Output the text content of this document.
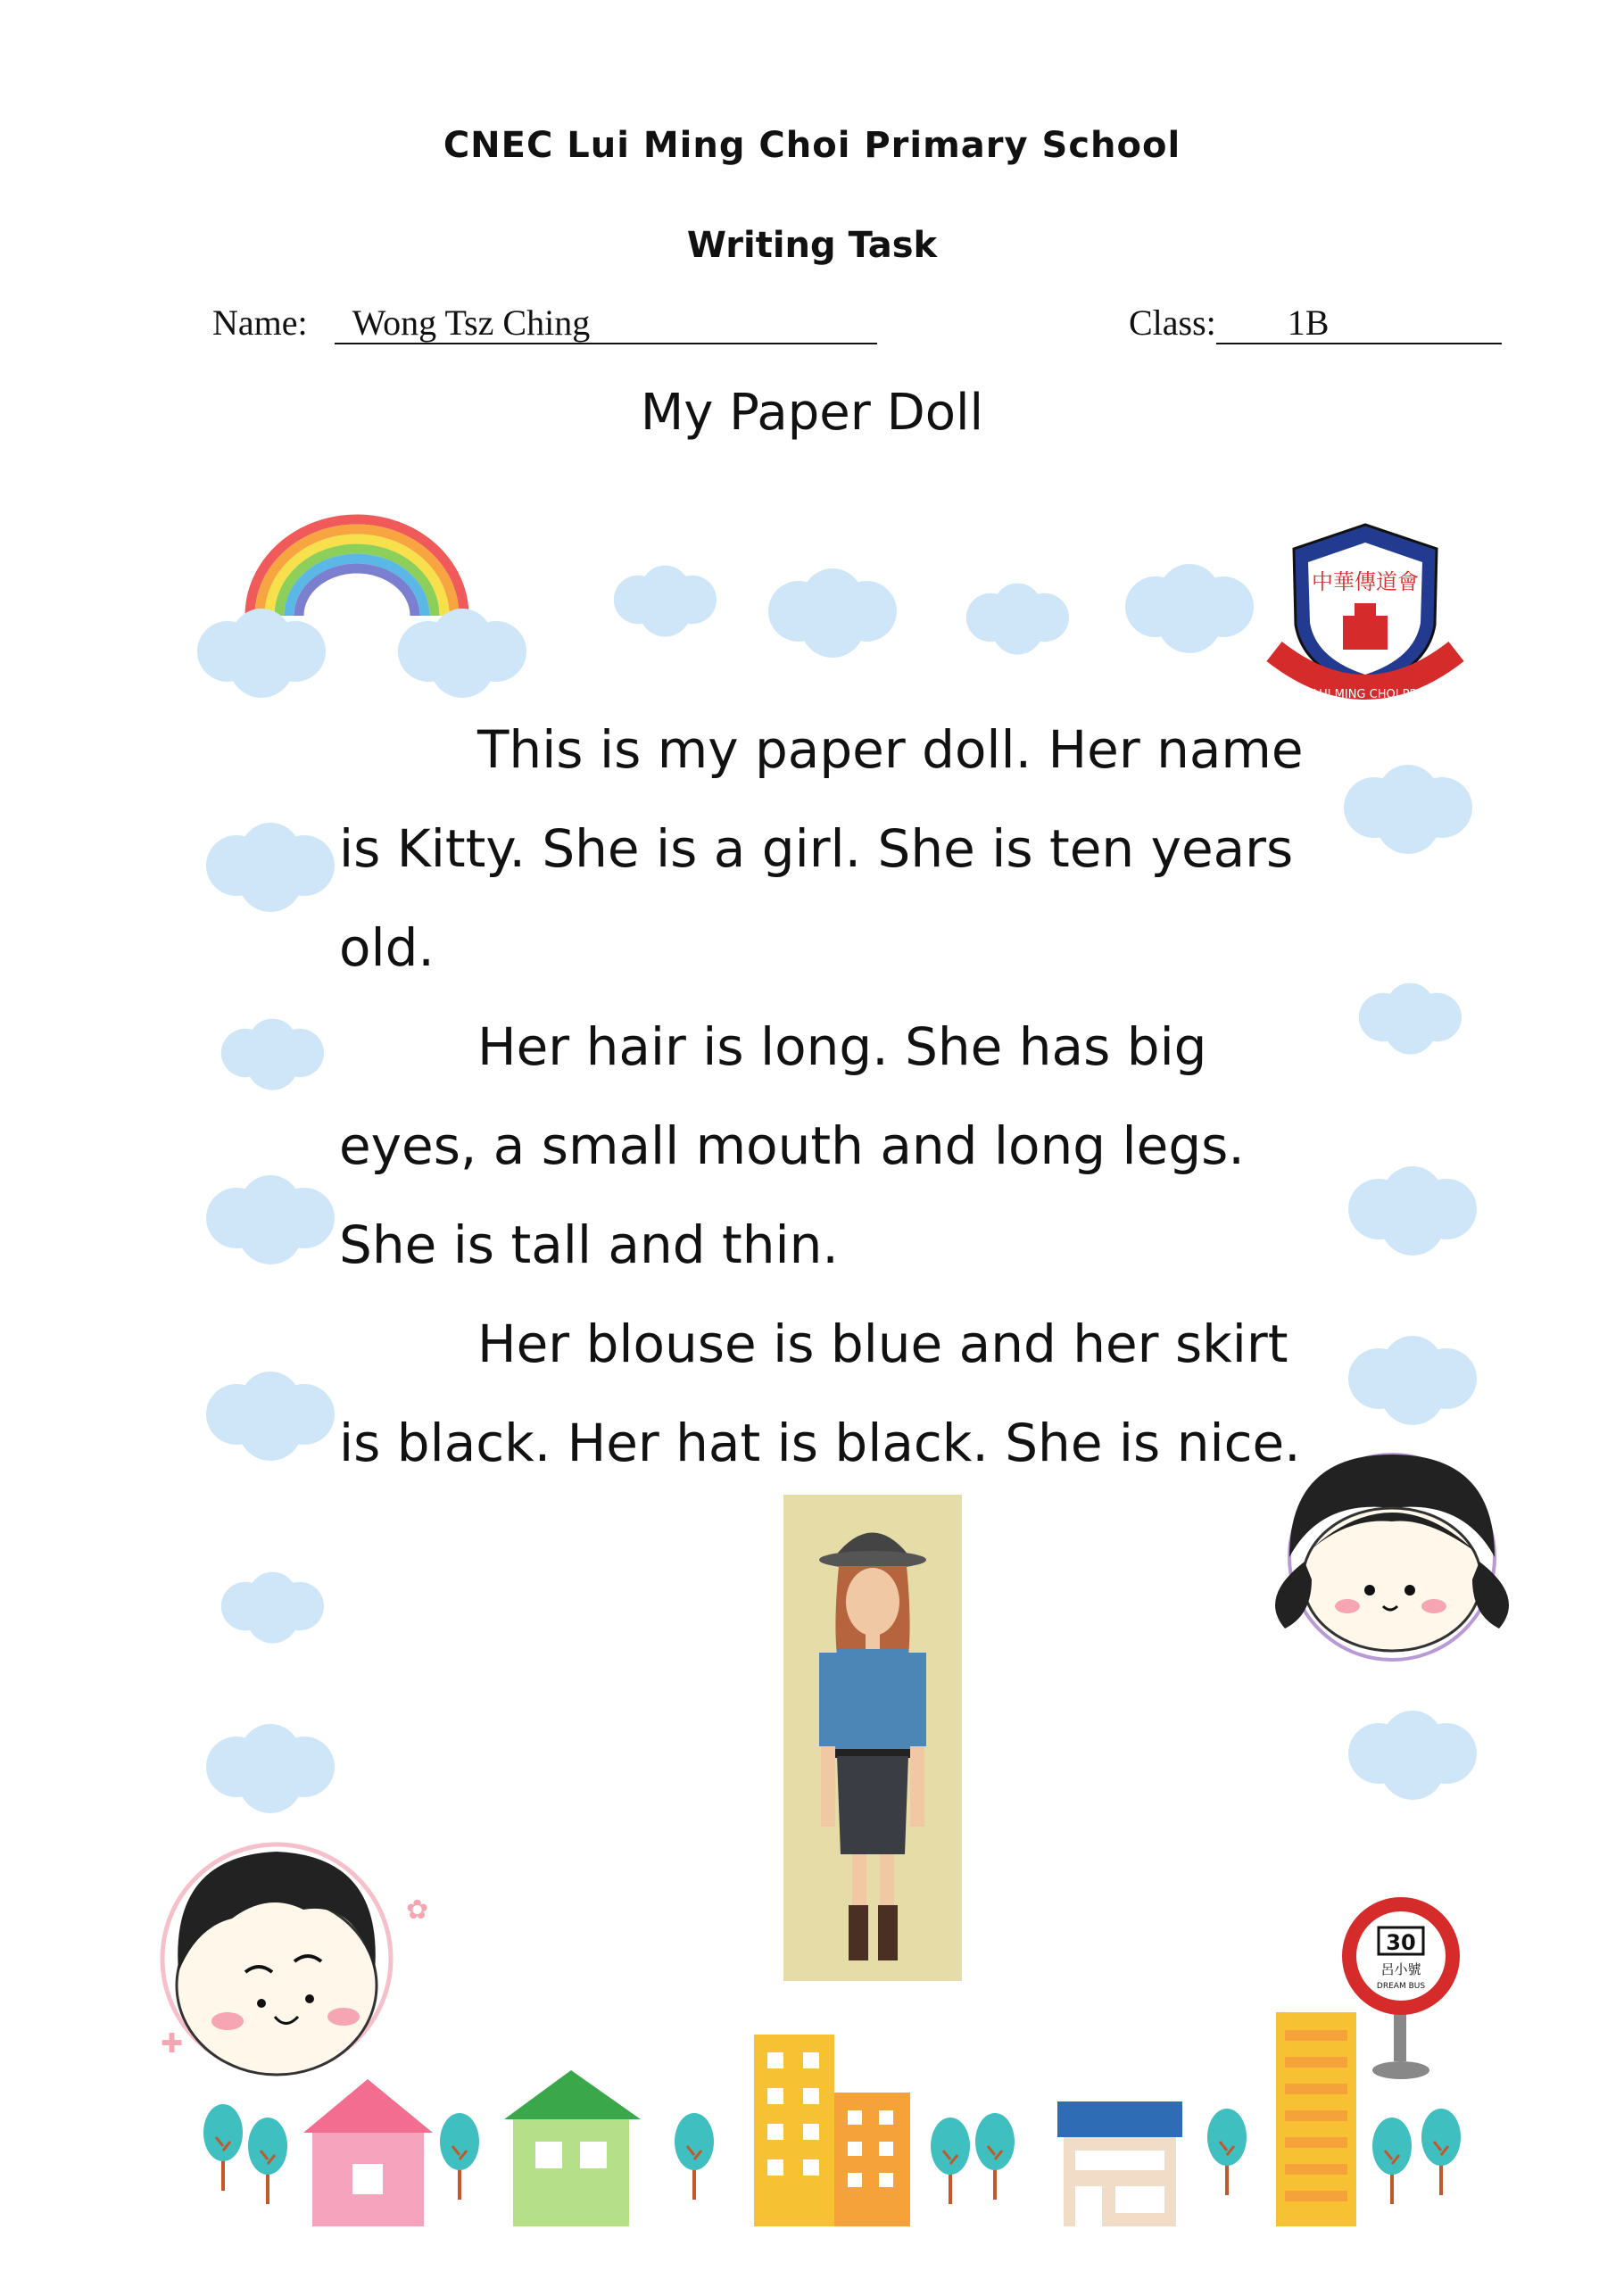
CNEC Lui Ming Choi Primary School
Writing Task
Name: Wong Tsz Ching	Class: 1B
My Paper Doll

This is my paper doll. Her name is Kitty. She is a girl. She is ten years old.

Her hair is long. She has big eyes, a small mouth and long legs. She is tall and thin.

Her blouse is blue and her skirt is black. Her hat is black. She is nice.

中華傳道會
CNEC LUI MING CHOI PRIMARY
✿
✚
30
呂小號
DREAM BUS
